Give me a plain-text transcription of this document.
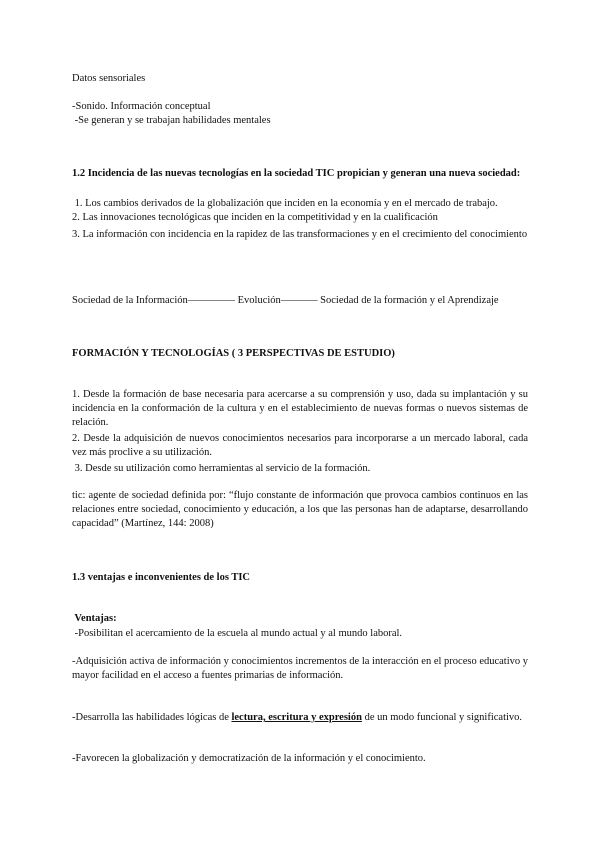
Datos sensoriales

-Sonido. Información conceptual

-Se generan y se trabajan habilidades mentales

1.2 Incidencia de las nuevas tecnologías en la sociedad TIC propician y generan una nueva sociedad:

1. Los cambios derivados de la globalización que inciden en la economía y en el mercado de trabajo.

2. Las innovaciones tecnológicas que inciden en la competitividad y en la cualificación

3. La información con incidencia en la rapidez de las transformaciones y en el crecimiento del conocimiento

Sociedad de la Información––––––––– Evolución––––––– Sociedad de la formación y el Aprendizaje

FORMACIÓN Y TECNOLOGÍAS ( 3 PERSPECTIVAS DE ESTUDIO)

1. Desde la formación de base necesaria para acercarse a su comprensión y uso, dada su implantación y su incidencia en la conformación de la cultura y en el establecimiento de nuevas formas o nuevos sistemas de relación.

2. Desde la adquisición de nuevos conocimientos necesarios para incorporarse a un mercado laboral, cada vez más proclive a su utilización.

3. Desde su utilización como herramientas al servicio de la formación.

tic: agente de sociedad definida por: “flujo constante de información que provoca cambios continuos en las relaciones entre sociedad, conocimiento y educación, a los que las personas han de adaptarse, desarrollando capacidad” (Martínez, 144: 2008)

1.3 ventajas e inconvenientes de los TIC

Ventajas:

-Posibilitan el acercamiento de la escuela al mundo actual y al mundo laboral.

-Adquisición activa de información y conocimientos incrementos de la interacción en el proceso educativo y mayor facilidad en el acceso a fuentes primarias de información.

-Desarrolla las habilidades lógicas de lectura, escritura y expresión de un modo funcional y significativo.

-Favorecen la globalización y democratización de la información y el conocimiento.
